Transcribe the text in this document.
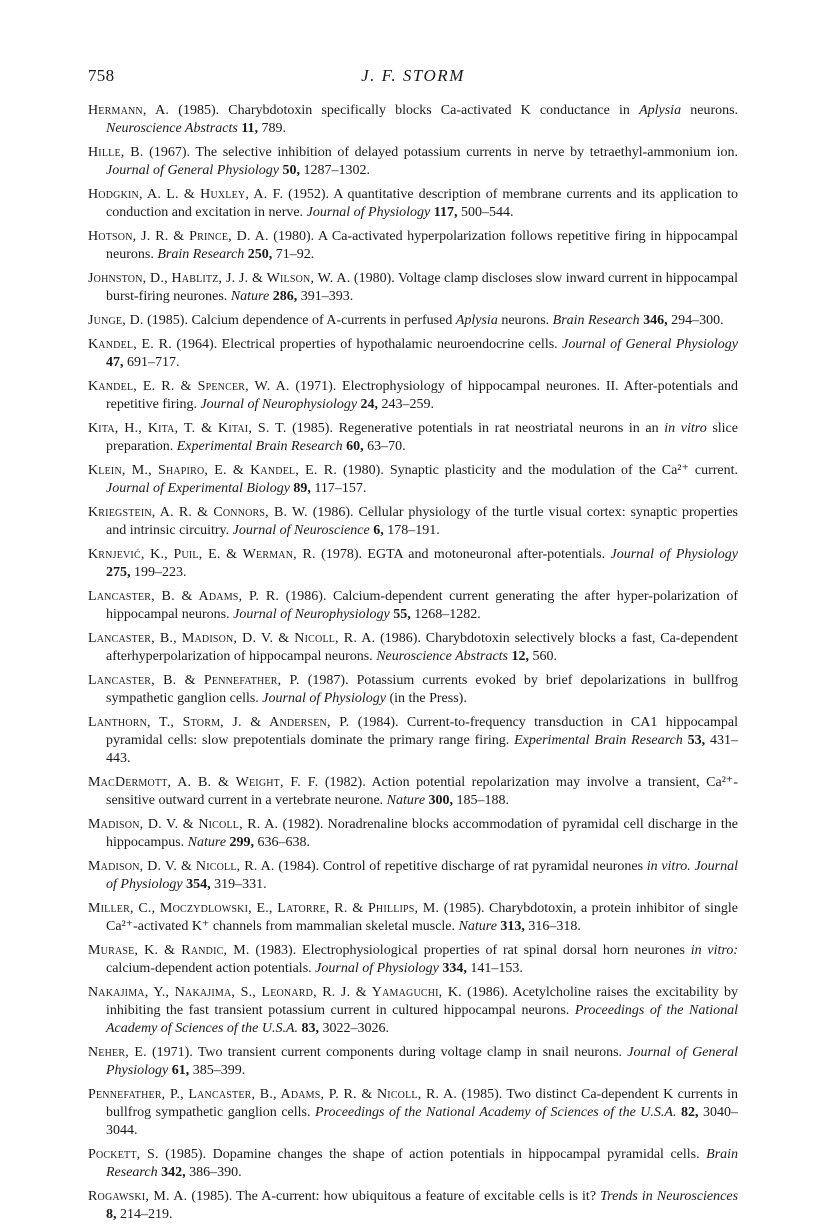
758	J. F. STORM

Hermann, A. (1985). Charybdotoxin specifically blocks Ca-activated K conductance in Aplysia neurons. Neuroscience Abstracts 11, 789.

Hille, B. (1967). The selective inhibition of delayed potassium currents in nerve by tetraethyl-ammonium ion. Journal of General Physiology 50, 1287–1302.

Hodgkin, A. L. & Huxley, A. F. (1952). A quantitative description of membrane currents and its application to conduction and excitation in nerve. Journal of Physiology 117, 500–544.

Hotson, J. R. & Prince, D. A. (1980). A Ca-activated hyperpolarization follows repetitive firing in hippocampal neurons. Brain Research 250, 71–92.

Johnston, D., Hablitz, J. J. & Wilson, W. A. (1980). Voltage clamp discloses slow inward current in hippocampal burst-firing neurones. Nature 286, 391–393.

Junge, D. (1985). Calcium dependence of A-currents in perfused Aplysia neurons. Brain Research 346, 294–300.

Kandel, E. R. (1964). Electrical properties of hypothalamic neuroendocrine cells. Journal of General Physiology 47, 691–717.

Kandel, E. R. & Spencer, W. A. (1971). Electrophysiology of hippocampal neurones. II. After-potentials and repetitive firing. Journal of Neurophysiology 24, 243–259.

Kita, H., Kita, T. & Kitai, S. T. (1985). Regenerative potentials in rat neostriatal neurons in an in vitro slice preparation. Experimental Brain Research 60, 63–70.

Klein, M., Shapiro, E. & Kandel, E. R. (1980). Synaptic plasticity and the modulation of the Ca²⁺ current. Journal of Experimental Biology 89, 117–157.

Kriegstein, A. R. & Connors, B. W. (1986). Cellular physiology of the turtle visual cortex: synaptic properties and intrinsic circuitry. Journal of Neuroscience 6, 178–191.

Krnjević, K., Puil, E. & Werman, R. (1978). EGTA and motoneuronal after-potentials. Journal of Physiology 275, 199–223.

Lancaster, B. & Adams, P. R. (1986). Calcium-dependent current generating the after hyper-polarization of hippocampal neurons. Journal of Neurophysiology 55, 1268–1282.

Lancaster, B., Madison, D. V. & Nicoll, R. A. (1986). Charybdotoxin selectively blocks a fast, Ca-dependent afterhyperpolarization of hippocampal neurons. Neuroscience Abstracts 12, 560.

Lancaster, B. & Pennefather, P. (1987). Potassium currents evoked by brief depolarizations in bullfrog sympathetic ganglion cells. Journal of Physiology (in the Press).

Lanthorn, T., Storm, J. & Andersen, P. (1984). Current-to-frequency transduction in CA1 hippocampal pyramidal cells: slow prepotentials dominate the primary range firing. Experimental Brain Research 53, 431–443.

MacDermott, A. B. & Weight, F. F. (1982). Action potential repolarization may involve a transient, Ca²⁺-sensitive outward current in a vertebrate neurone. Nature 300, 185–188.

Madison, D. V. & Nicoll, R. A. (1982). Noradrenaline blocks accommodation of pyramidal cell discharge in the hippocampus. Nature 299, 636–638.

Madison, D. V. & Nicoll, R. A. (1984). Control of repetitive discharge of rat pyramidal neurones in vitro. Journal of Physiology 354, 319–331.

Miller, C., Moczydlowski, E., Latorre, R. & Phillips, M. (1985). Charybdotoxin, a protein inhibitor of single Ca²⁺-activated K⁺ channels from mammalian skeletal muscle. Nature 313, 316–318.

Murase, K. & Randic, M. (1983). Electrophysiological properties of rat spinal dorsal horn neurones in vitro: calcium-dependent action potentials. Journal of Physiology 334, 141–153.

Nakajima, Y., Nakajima, S., Leonard, R. J. & Yamaguchi, K. (1986). Acetylcholine raises the excitability by inhibiting the fast transient potassium current in cultured hippocampal neurons. Proceedings of the National Academy of Sciences of the U.S.A. 83, 3022–3026.

Neher, E. (1971). Two transient current components during voltage clamp in snail neurons. Journal of General Physiology 61, 385–399.

Pennefather, P., Lancaster, B., Adams, P. R. & Nicoll, R. A. (1985). Two distinct Ca-dependent K currents in bullfrog sympathetic ganglion cells. Proceedings of the National Academy of Sciences of the U.S.A. 82, 3040–3044.

Pockett, S. (1985). Dopamine changes the shape of action potentials in hippocampal pyramidal cells. Brain Research 342, 386–390.

Rogawski, M. A. (1985). The A-current: how ubiquitous a feature of excitable cells is it? Trends in Neurosciences 8, 214–219.
